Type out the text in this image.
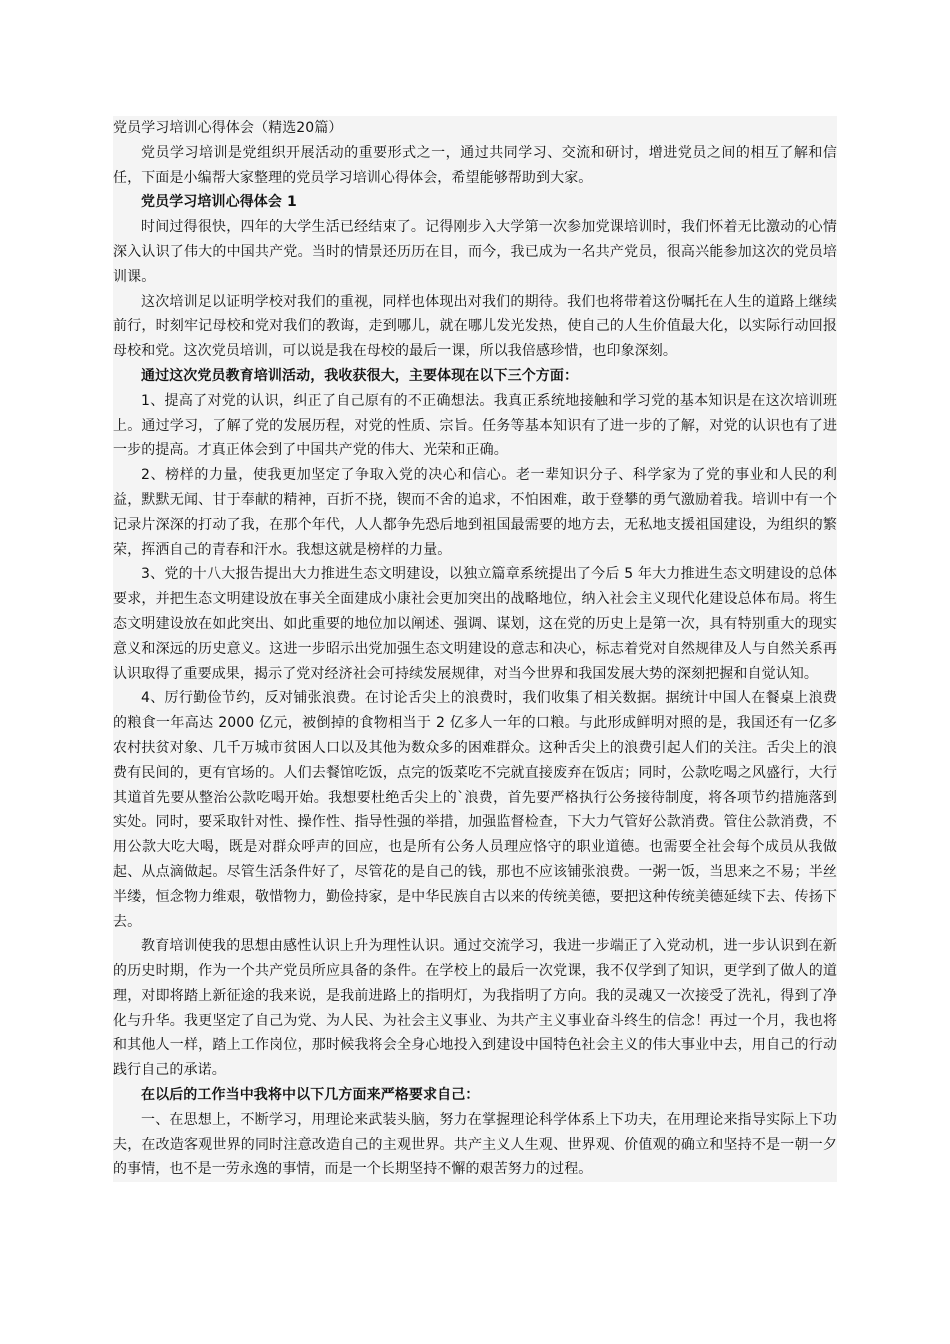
党员学习培训心得体会（精选20篇）

党员学习培训是党组织开展活动的重要形式之一，通过共同学习、交流和研讨，增进党员之间的相互了解和信任，下面是小编帮大家整理的党员学习培训心得体会，希望能够帮助到大家。

党员学习培训心得体会 1

时间过得很快，四年的大学生活已经结束了。记得刚步入大学第一次参加党课培训时，我们怀着无比激动的心情深入认识了伟大的中国共产党。当时的情景还历历在目，而今，我已成为一名共产党员，很高兴能参加这次的党员培训课。

这次培训足以证明学校对我们的重视，同样也体现出对我们的期待。我们也将带着这份嘱托在人生的道路上继续前行，时刻牢记母校和党对我们的教诲，走到哪儿，就在哪儿发光发热，使自己的人生价值最大化，以实际行动回报母校和党。这次党员培训，可以说是我在母校的最后一课，所以我倍感珍惜，也印象深刻。

通过这次党员教育培训活动，我收获很大，主要体现在以下三个方面：

1、提高了对党的认识，纠正了自己原有的不正确想法。我真正系统地接触和学习党的基本知识是在这次培训班上。通过学习，了解了党的发展历程，对党的性质、宗旨。任务等基本知识有了进一步的了解，对党的认识也有了进一步的提高。才真正体会到了中国共产党的伟大、光荣和正确。

2、榜样的力量，使我更加坚定了争取入党的决心和信心。老一辈知识分子、科学家为了党的事业和人民的利益，默默无闻、甘于奉献的精神，百折不挠，锲而不舍的追求，不怕困难，敢于登攀的勇气激励着我。培训中有一个记录片深深的打动了我，在那个年代，人人都争先恐后地到祖国最需要的地方去，无私地支援祖国建设，为组织的繁荣，挥洒自己的青春和汗水。我想这就是榜样的力量。

3、党的十八大报告提出大力推进生态文明建设，以独立篇章系统提出了今后 5 年大力推进生态文明建设的总体要求，并把生态文明建设放在事关全面建成小康社会更加突出的战略地位，纳入社会主义现代化建设总体布局。将生态文明建设放在如此突出、如此重要的地位加以阐述、强调、谋划，这在党的历史上是第一次，具有特别重大的现实意义和深远的历史意义。这进一步昭示出党加强生态文明建设的意志和决心，标志着党对自然规律及人与自然关系再认识取得了重要成果，揭示了党对经济社会可持续发展规律，对当今世界和我国发展大势的深刻把握和自觉认知。

4、厉行勤俭节约，反对铺张浪费。在讨论舌尖上的浪费时，我们收集了相关数据。据统计中国人在餐桌上浪费的粮食一年高达 2000 亿元，被倒掉的食物相当于 2 亿多人一年的口粮。与此形成鲜明对照的是，我国还有一亿多农村扶贫对象、几千万城市贫困人口以及其他为数众多的困难群众。这种舌尖上的浪费引起人们的关注。舌尖上的浪费有民间的，更有官场的。人们去餐馆吃饭，点完的饭菜吃不完就直接废弃在饭店；同时，公款吃喝之风盛行，大行其道首先要从整治公款吃喝开始。我想要杜绝舌尖上的`浪费，首先要严格执行公务接待制度，将各项节约措施落到实处。同时，要采取针对性、操作性、指导性强的举措，加强监督检查，下大力气管好公款消费。管住公款消费，不用公款大吃大喝，既是对群众呼声的回应，也是所有公务人员理应恪守的职业道德。也需要全社会每个成员从我做起、从点滴做起。尽管生活条件好了，尽管花的是自己的钱，那也不应该铺张浪费。一粥一饭，当思来之不易；半丝半缕，恒念物力维艰，敬惜物力，勤俭持家，是中华民族自古以来的传统美德，要把这种传统美德延续下去、传扬下去。

教育培训使我的思想由感性认识上升为理性认识。通过交流学习，我进一步端正了入党动机，进一步认识到在新的历史时期，作为一个共产党员所应具备的条件。在学校上的最后一次党课，我不仅学到了知识，更学到了做人的道理，对即将踏上新征途的我来说，是我前进路上的指明灯，为我指明了方向。我的灵魂又一次接受了洗礼，得到了净化与升华。我更坚定了自己为党、为人民、为社会主义事业、为共产主义事业奋斗终生的信念！再过一个月，我也将和其他人一样，踏上工作岗位，那时候我将会全身心地投入到建设中国特色社会主义的伟大事业中去，用自己的行动践行自己的承诺。

在以后的工作当中我将中以下几方面来严格要求自己：

一、在思想上，不断学习，用理论来武装头脑，努力在掌握理论科学体系上下功夫，在用理论来指导实际上下功夫，在改造客观世界的同时注意改造自己的主观世界。共产主义人生观、世界观、价值观的确立和坚持不是一朝一夕的事情，也不是一劳永逸的事情，而是一个长期坚持不懈的艰苦努力的过程。
